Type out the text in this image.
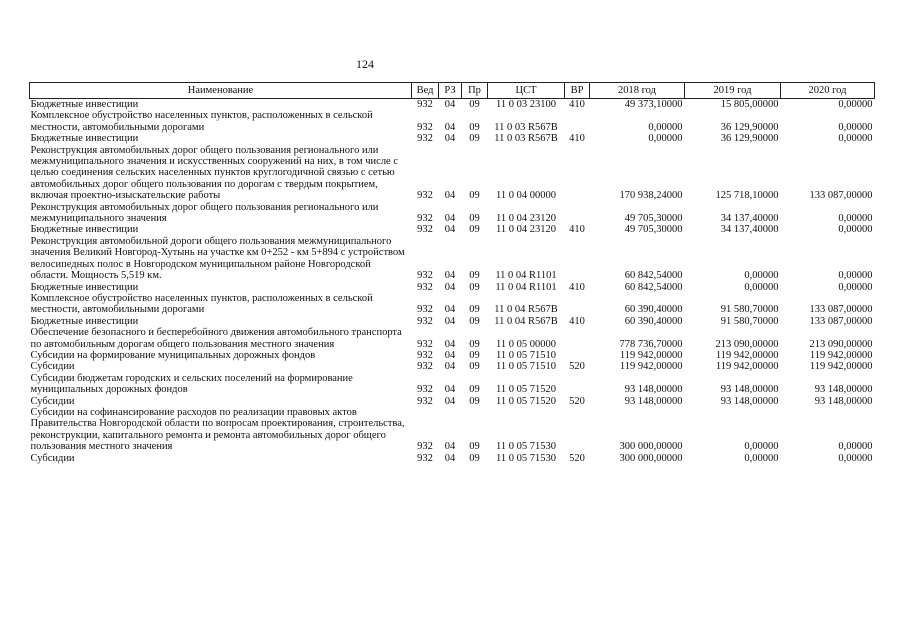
124
Наименование	Вед	РЗ	Пр	ЦСТ	ВР	2018 год	2019 год	2020 год
Бюджетные инвестиции	932	04	09	11 0 03 23100	410	49 373,10000	15 805,00000	0,00000
Комплексное обустройство населенных пунктов, расположенных в сельской местности, автомобильными дорогами	932	04	09	11 0 03 R567B		0,00000	36 129,90000	0,00000
Бюджетные инвестиции	932	04	09	11 0 03 R567B	410	0,00000	36 129,90000	0,00000
Реконструкция автомобильных дорог общего пользования регионального или межмуниципального значения и искусственных сооружений на них, в том числе с целью соединения сельских населенных пунктов круглогодичной связью с сетью автомобильных дорог общего пользования по дорогам с твердым покрытием, включая проектно-изыскательские работы	932	04	09	11 0 04 00000		170 938,24000	125 718,10000	133 087,00000
Реконструкция автомобильных дорог общего пользования регионального или межмуниципального значения	932	04	09	11 0 04 23120		49 705,30000	34 137,40000	0,00000
Бюджетные инвестиции	932	04	09	11 0 04 23120	410	49 705,30000	34 137,40000	0,00000
Реконструкция автомобильной дороги общего пользования межмуниципального значения Великий Новгород-Хутынь на участке км 0+252 - км 5+894 с устройством велосипедных полос в Новгородском муниципальном районе Новгородской области. Мощность 5,519 км.	932	04	09	11 0 04 R1101		60 842,54000	0,00000	0,00000
Бюджетные инвестиции	932	04	09	11 0 04 R1101	410	60 842,54000	0,00000	0,00000
Комплексное обустройство населенных пунктов, расположенных в сельской местности, автомобильными дорогами	932	04	09	11 0 04 R567B		60 390,40000	91 580,70000	133 087,00000
Бюджетные инвестиции	932	04	09	11 0 04 R567B	410	60 390,40000	91 580,70000	133 087,00000
Обеспечение безопасного и бесперебойного движения автомобильного транспорта по автомобильным дорогам общего пользования местного значения	932	04	09	11 0 05 00000		778 736,70000	213 090,00000	213 090,00000
Субсидии на формирование муниципальных дорожных фондов	932	04	09	11 0 05 71510		119 942,00000	119 942,00000	119 942,00000
Субсидии	932	04	09	11 0 05 71510	520	119 942,00000	119 942,00000	119 942,00000
Субсидии бюджетам городских и сельских поселений на формирование муниципальных дорожных фондов	932	04	09	11 0 05 71520		93 148,00000	93 148,00000	93 148,00000
Субсидии	932	04	09	11 0 05 71520	520	93 148,00000	93 148,00000	93 148,00000
Субсидии на софинансирование расходов по реализации правовых актов Правительства Новгородской области по вопросам проектирования, строительства, реконструкции, капитального ремонта и ремонта автомобильных дорог общего пользования местного значения	932	04	09	11 0 05 71530		300 000,00000	0,00000	0,00000
Субсидии	932	04	09	11 0 05 71530	520	300 000,00000	0,00000	0,00000
